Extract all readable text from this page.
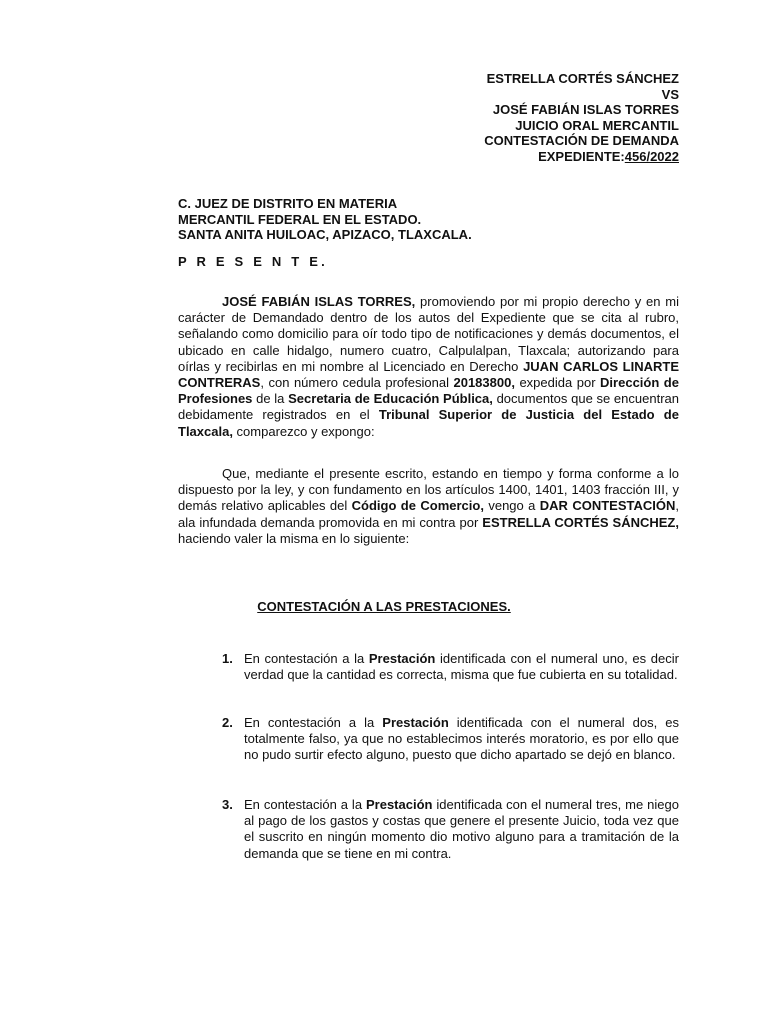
ESTRELLA CORTÉS SÁNCHEZ
VS
JOSÉ FABIÁN ISLAS TORRES
JUICIO ORAL MERCANTIL
CONTESTACIÓN DE DEMANDA
EXPEDIENTE:456/2022
C. JUEZ DE DISTRITO EN MATERIA
MERCANTIL FEDERAL EN EL ESTADO.
SANTA ANITA HUILOAC, APIZACO, TLAXCALA.
P R E S E N T E.
JOSÉ FABIÁN ISLAS TORRES, promoviendo por mi propio derecho y en mi carácter de Demandado dentro de los autos del Expediente que se cita al rubro, señalando como domicilio para oír todo tipo de notificaciones y demás documentos, el ubicado en calle hidalgo, numero cuatro, Calpulalpan, Tlaxcala; autorizando para oírlas y recibirlas en mi nombre al Licenciado en Derecho JUAN CARLOS LINARTE CONTRERAS, con número cedula profesional 20183800, expedida por Dirección de Profesiones de la Secretaria de Educación Pública, documentos que se encuentran debidamente registrados en el Tribunal Superior de Justicia del Estado de Tlaxcala, comparezco y expongo:
Que, mediante el presente escrito, estando en tiempo y forma conforme a lo dispuesto por la ley, y con fundamento en los artículos 1400, 1401, 1403 fracción III, y demás relativo aplicables del Código de Comercio, vengo a DAR CONTESTACIÓN, ala infundada demanda promovida en mi contra por ESTRELLA CORTÉS SÁNCHEZ, haciendo valer la misma en lo siguiente:
CONTESTACIÓN A LAS PRESTACIONES.
1. En contestación a la Prestación identificada con el numeral uno, es decir verdad que la cantidad es correcta, misma que fue cubierta en su totalidad.
2. En contestación a la Prestación identificada con el numeral dos, es totalmente falso, ya que no establecimos interés moratorio, es por ello que no pudo surtir efecto alguno, puesto que dicho apartado se dejó en blanco.
3. En contestación a la Prestación identificada con el numeral tres, me niego al pago de los gastos y costas que genere el presente Juicio, toda vez que el suscrito en ningún momento dio motivo alguno para a tramitación de la demanda que se tiene en mi contra.
